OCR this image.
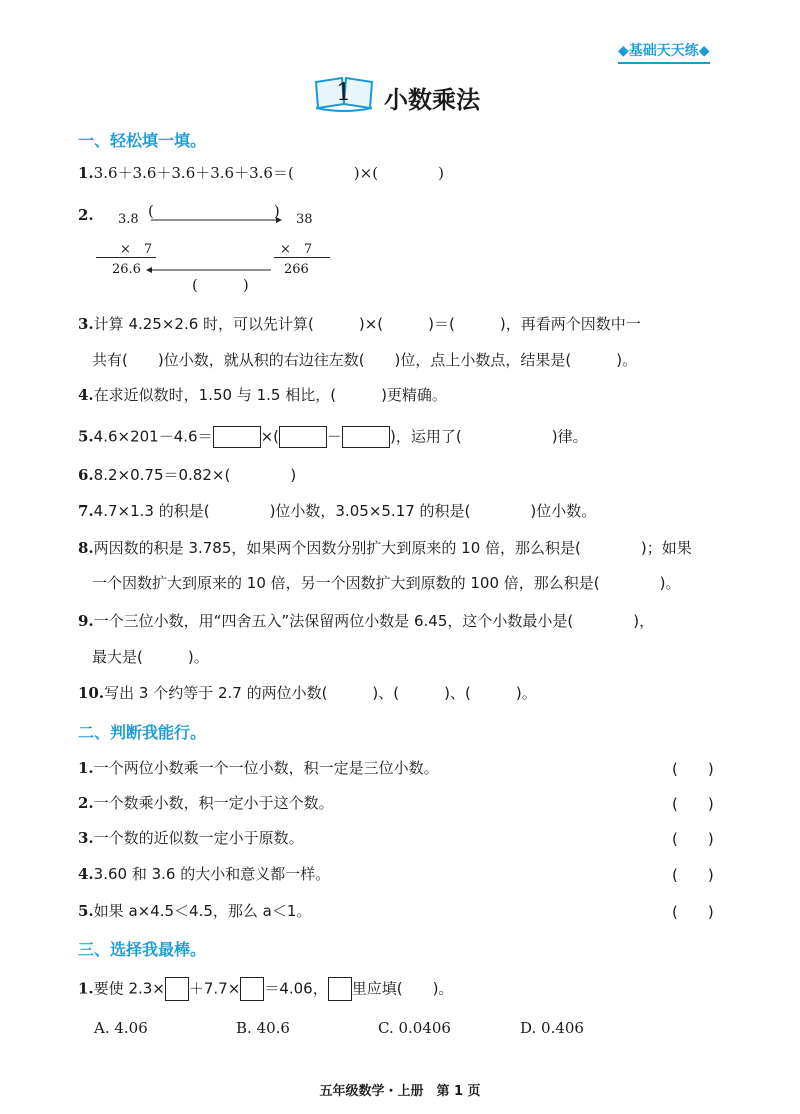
◆基础天天练◆
1 小数乘法
一、轻松填一填。
1.3.6＋3.6＋3.6＋3.6＋3.6＝(　　　　)×(　　　　)
2. 3.8
×　7
26.6
38
×　7
266
(　　　　　　　　)
(　　　)
3.计算 4.25×2.6 时，可以先计算(　　　)×(　　　)＝(　　　)，再看两个因数中一
共有(　　)位小数，就从积的右边往左数(　　)位，点上小数点，结果是(　　　)。
4.在求近似数时，1.50 与 1.5 相比，(　　　)更精确。
5.4.6×201－4.6＝	×(	－	)，运用了(　　　　　　)律。
6.8.2×0.75＝0.82×(　　　　)
7.4.7×1.3 的积是(　　　　)位小数，3.05×5.17 的积是(　　　　)位小数。
8.两因数的积是 3.785，如果两个因数分别扩大到原来的 10 倍，那么积是(　　　　)；如果
一个因数扩大到原来的 10 倍，另一个因数扩大到原数的 100 倍，那么积是(　　　　)。
9.一个三位小数，用“四舍五入”法保留两位小数是 6.45，这个小数最小是(　　　　)，
最大是(　　　)。
10.写出 3 个约等于 2.7 的两位小数(　　　)、(　　　)、(　　　)。
二、判断我能行。
1.一个两位小数乘一个一位小数，积一定是三位小数。	(　　)
2.一个数乘小数，积一定小于这个数。	(　　)
3.一个数的近似数一定小于原数。	(　　)
4.3.60 和 3.6 的大小和意义都一样。	(　　)
5.如果 a×4.5＜4.5，那么 a＜1。	(　　)
三、选择我最棒。
1.要使 2.3× ＋7.7× ＝4.06， 里应填(　　)。
A. 4.06	B. 40.6	C. 0.0406	D. 0.406
五年级数学・上册　第 1 页
